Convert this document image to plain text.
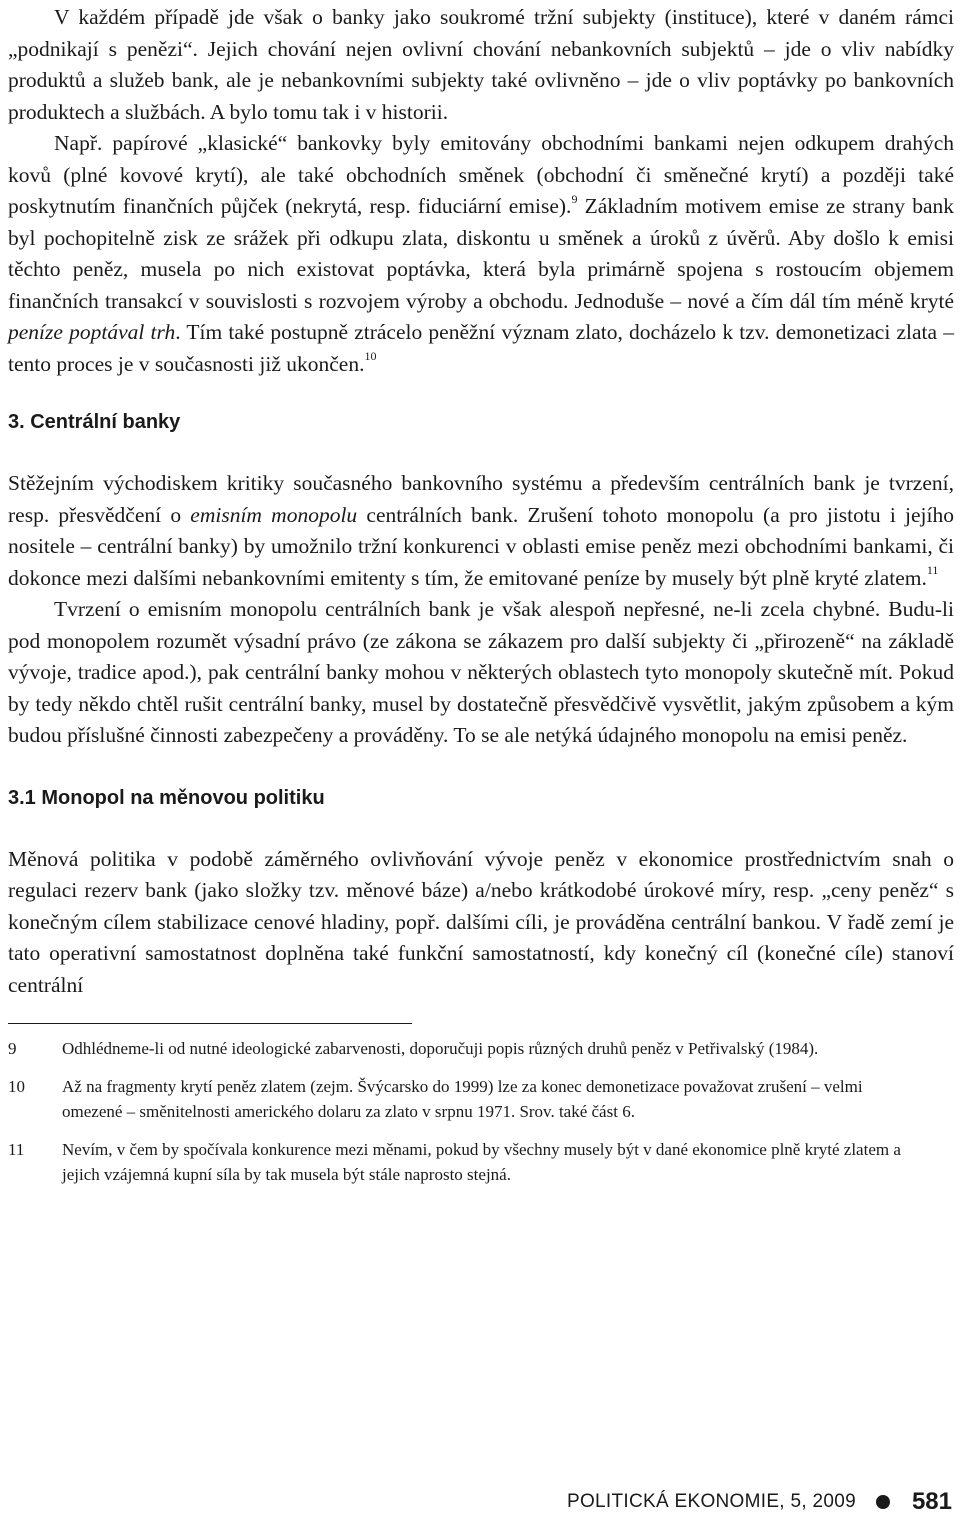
V každém případě jde však o banky jako soukromé tržní subjekty (instituce), které v daném rámci „podnikají s penězi“. Jejich chování nejen ovlivní chování nebankovních subjektů – jde o vliv nabídky produktů a služeb bank, ale je nebankovními subjekty také ovlivněno – jde o vliv poptávky po bankovních produktech a službách. A bylo tomu tak i v historii.

Např. papírové „klasické“ bankovky byly emitovány obchodními bankami nejen odkupem drahých kovů (plné kovové krytí), ale také obchodních směnek (obchodní či směnečné krytí) a později také poskytnutím finančních půjček (nekrytá, resp. fiduciární emise).$^9$ Základním motivem emise ze strany bank byl pochopitelně zisk ze srážek při odkupu zlata, diskontu u směnek a úroků z úvěrů. Aby došlo k emisi těchto peněz, musela po nich existovat poptávka, která byla primárně spojena s rostoucím objemem finančních transakcí v souvislosti s rozvojem výroby a obchodu. Jednoduše – nové a čím dál tím méně kryté peníze poptával trh. Tím také postupně ztrácelo peněžní význam zlato, docházelo k tzv. demonetizaci zlata – tento proces je v současnosti již ukončen.$^{10}$

3. Centrální banky

Stěžejním východiskem kritiky současného bankovního systému a především centrálních bank je tvrzení, resp. přesvědčení o emisním monopolu centrálních bank. Zrušení tohoto monopolu (a pro jistotu i jejího nositele – centrální banky) by umožnilo tržní konkurenci v oblasti emise peněz mezi obchodními bankami, či dokonce mezi dalšími nebankovními emitenty s tím, že emitované peníze by musely být plně kryté zlatem.$^{11}$

Tvrzení o emisním monopolu centrálních bank je však alespoň nepřesné, ne-li zcela chybné. Budu-li pod monopolem rozumět výsadní právo (ze zákona se zákazem pro další subjekty či „přirozeně“ na základě vývoje, tradice apod.), pak centrální banky mohou v některých oblastech tyto monopoly skutečně mít. Pokud by tedy někdo chtěl rušit centrální banky, musel by dostatečně přesvědčivě vysvětlit, jakým způsobem a kým budou příslušné činnosti zabezpečeny a prováděny. To se ale netýká údajného monopolu na emisi peněz.

3.1 Monopol na měnovou politiku

Měnová politika v podobě záměrného ovlivňování vývoje peněz v ekonomice prostřednictvím snah o regulaci rezerv bank (jako složky tzv. měnové báze) a/nebo krátkodobé úrokové míry, resp. „ceny peněz“ s konečným cílem stabilizace cenové hladiny, popř. dalšími cíli, je prováděna centrální bankou. V řadě zemí je tato operativní samostatnost doplněna také funkční samostatností, kdy konečný cíl (konečné cíle) stanoví centrální

9	Odhlédneme-li od nutné ideologické zabarvenosti, doporučuji popis různých druhů peněz v Petřivalský (1984).
10	Až na fragmenty krytí peněz zlatem (zejm. Švýcarsko do 1999) lze za konec demonetizace považovat zrušení – velmi omezené – směnitelnosti amerického dolaru za zlato v srpnu 1971. Srov. také část 6.
11	Nevím, v čem by spočívala konkurence mezi měnami, pokud by všechny musely být v dané ekonomice plně kryté zlatem a jejich vzájemná kupní síla by tak musela být stále naprosto stejná.
POLITICKÁ EKONOMIE, 5, 2009 581
